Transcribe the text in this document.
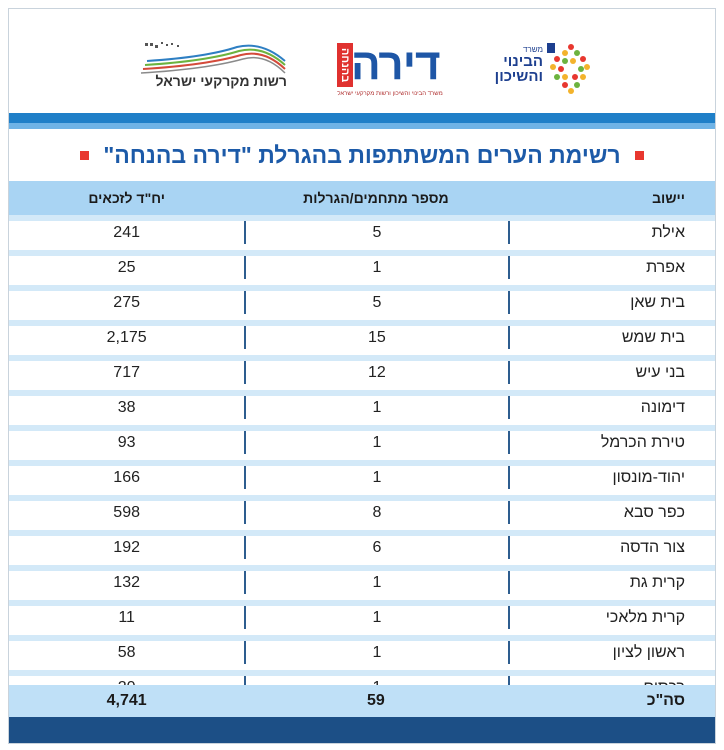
רשות מקרקעי ישראל	בהנחה דירה
משרד הבינוי והשיכון ורשות מקרקעי ישראל
משרד
הבינוי
והשיכון
רשימת הערים המשתתפות בהגרלת "דירה בהנחה"
יישוב
מספר מתחמים/הגרלות
יח"ד לזכאים
אילת
5
241
אפרת
1
25
בית שאן
5
275
בית שמש
15
2,175
בני עיש
12
717
דימונה
1
38
טירת הכרמל
1
93
יהוד-מונסון
1
166
כפר סבא
8
598
צור הדסה
6
192
קרית גת
1
132
קרית מלאכי
1
11
ראשון לציון
1
58
סה"כ
59
4,741
